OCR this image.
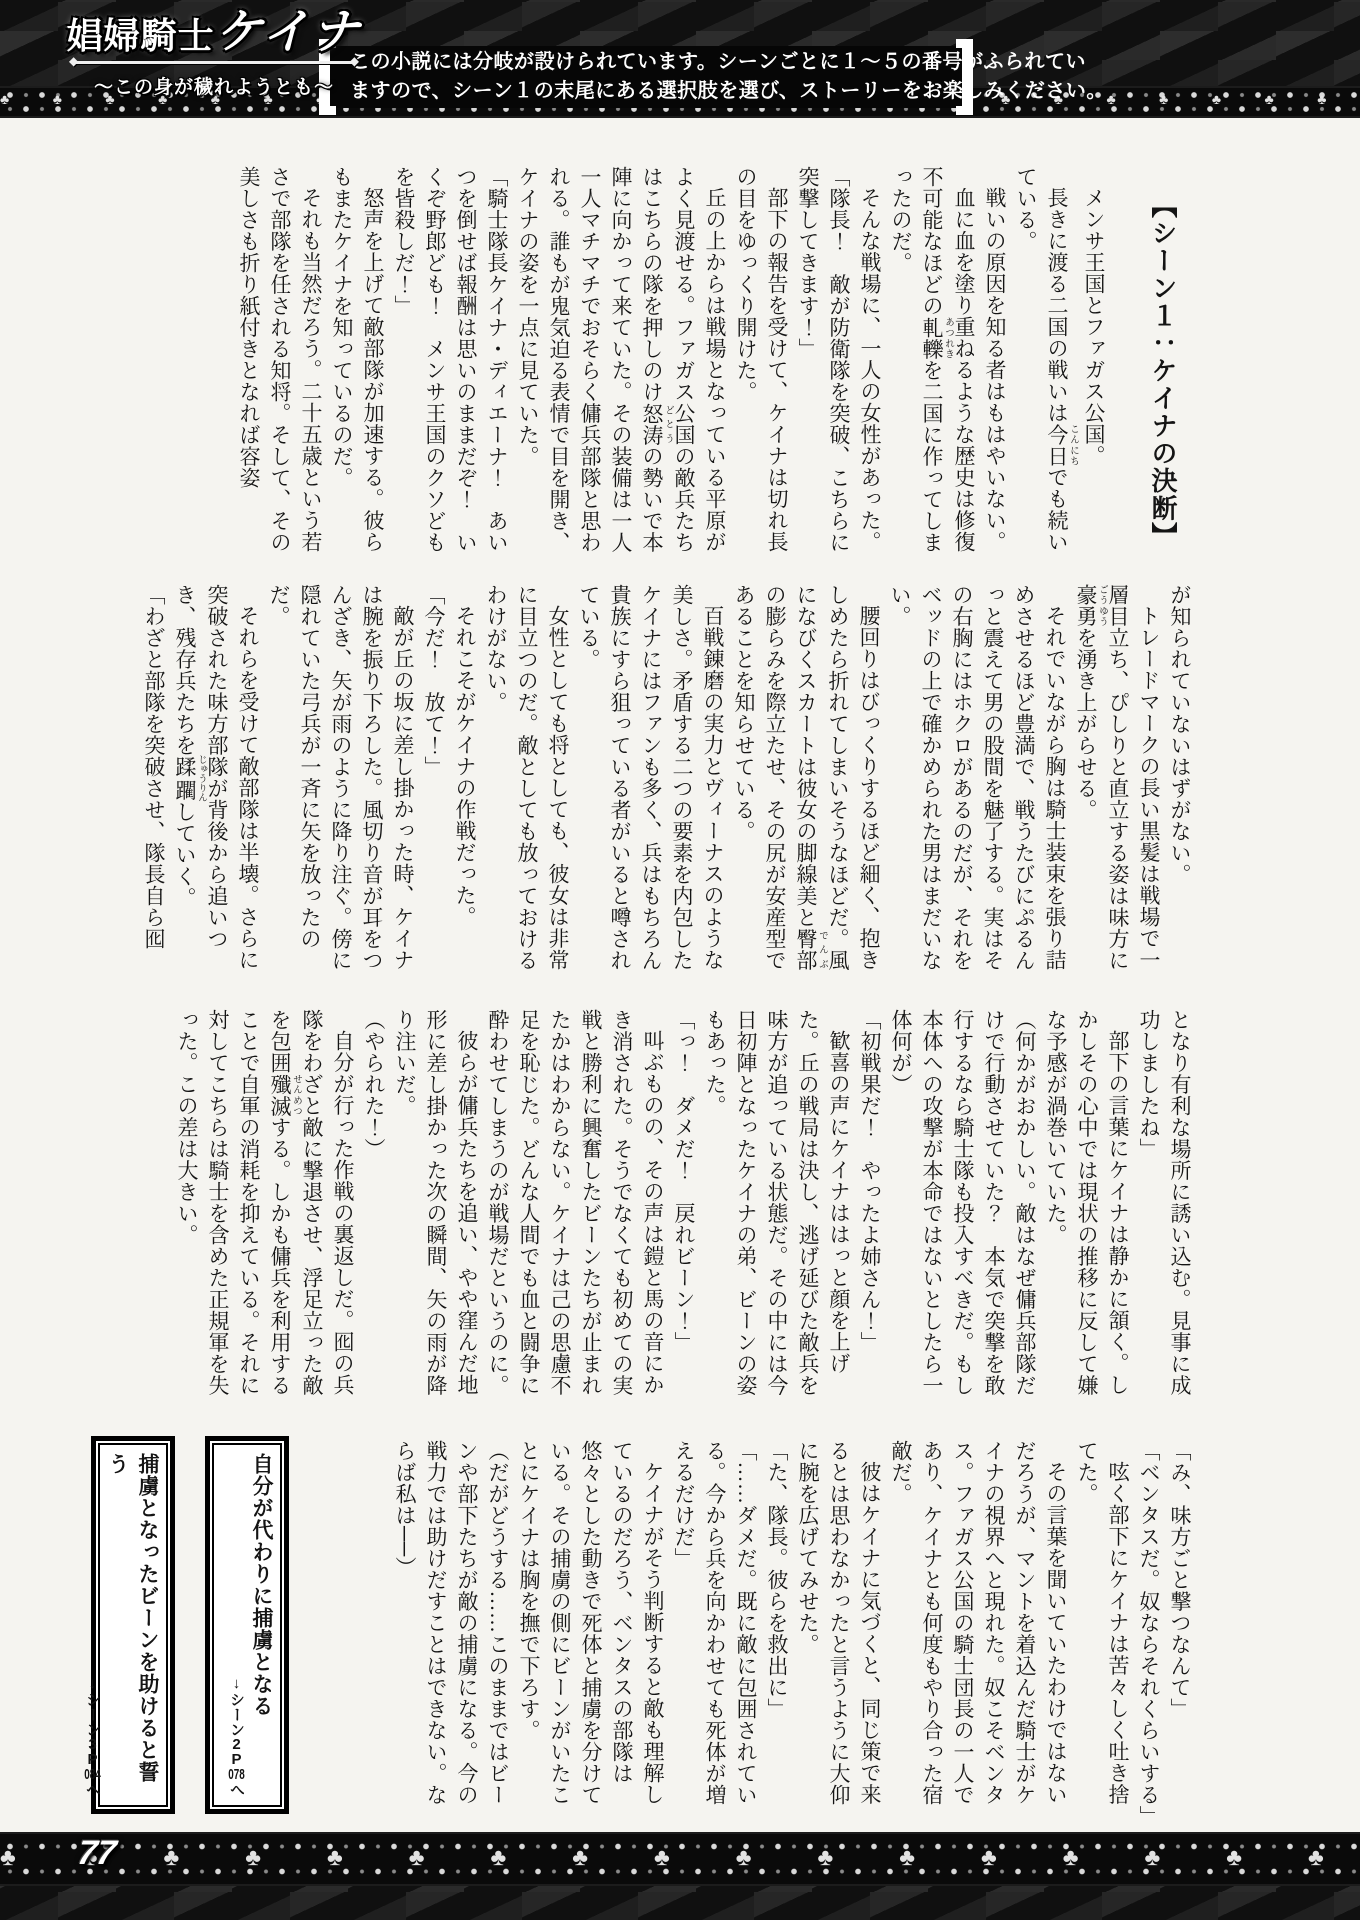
♣ ♣ ♣ ♣ ♣ ♣ ♣ ♣ ♣ ♣ ♣ ♣ ♣ ♣ ♣ ♣ ♣ ♣ ♣ ♣ ♣ ♣ ♣ ♣ ♣ ♣ ♣ ♣ ♣ ♣ ♣ ♣ ♣ ♣ ♣ ♣ ♣ ♣ ♣ ♣ ♣ ♣
娼婦騎士ケイナ
◆ ◆
～この身が穢れようとも～
この小説には分岐が設けられています。シーンごとに１～５の番号がふられてい
ますので、シーン１の末尾にある選択肢を選び、ストーリーをお楽しみください。
【シーン１：ケイナの決断】

メンサ王国とファガス公国。

長きに渡る二国の戦いは今日 こんにちでも続いている。

戦いの原因を知る者はもはやいない。

血に血を塗り重ねるような歴史は修復不可能なほどの軋轢 あつれきを二国に作ってしまったのだ。

そんな戦場に、一人の女性があった。

「隊長！　敵が防衛隊を突破、こちらに突撃してきます！」

部下の報告を受けて、ケイナは切れ長の目をゆっくり開けた。

丘の上からは戦場となっている平原がよく見渡せる。ファガス公国の敵兵たちはこちらの隊を押しのけ怒涛 どとうの勢いで本陣に向かって来ていた。その装備は一人一人マチマチでおそらく傭兵部隊と思われる。誰もが鬼気迫る表情で目を開き、ケイナの姿を一点に見ていた。

「騎士隊長ケイナ・ディエーナ！　あいつを倒せば報酬は思いのままだぞ！　いくぞ野郎ども！　メンサ王国のクソどもを皆殺しだ！」

怒声を上げて敵部隊が加速する。彼らもまたケイナを知っているのだ。

それも当然だろう。二十五歳という若さで部隊を任される知将。そして、その美しさも折り紙付きとなれば容姿

が知られていないはずがない。

トレードマークの長い黒髪は戦場で一層目立ち、ぴしりと直立する姿は味方に豪勇 ごうゆうを湧き上がらせる。

それでいながら胸は騎士装束を張り詰めさせるほど豊満で、戦うたびにぷるんっと震えて男の股間を魅了する。実はその右胸にはホクロがあるのだが、それをベッドの上で確かめられた男はまだいない。

腰回りはびっくりするほど細く、抱きしめたら折れてしまいそうなほどだ。風になびくスカートは彼女の脚線美と臀部 でんぶの膨らみを際立たせ、その尻が安産型であることを知らせている。

百戦錬磨の実力とヴィーナスのような美しさ。矛盾する二つの要素を内包したケイナにはファンも多く、兵はもちろん貴族にすら狙っている者がいると噂されている。

女性としても将としても、彼女は非常に目立つのだ。敵としても放っておけるわけがない。

それこそがケイナの作戦だった。

「今だ！　放て！」

敵が丘の坂に差し掛かった時、ケイナは腕を振り下ろした。風切り音が耳をつんざき、矢が雨のように降り注ぐ。傍に隠れていた弓兵が一斉に矢を放ったのだ。

それらを受けて敵部隊は半壊。さらに突破された味方部隊が背後から追いつき、残存兵たちを蹂躙 じゅうりんしていく。

「わざと部隊を突破させ、隊長自ら囮

となり有利な場所に誘い込む。見事に成功しましたね」

部下の言葉にケイナは静かに頷く。しかしその心中では現状の推移に反して嫌な予感が渦巻いていた。

（何かがおかしい。敵はなぜ傭兵部隊だけで行動させていた？　本気で突撃を敢行するなら騎士隊も投入すべきだ。もし本体への攻撃が本命ではないとしたら一体何が）

「初戦果だ！　やったよ姉さん！」

歓喜の声にケイナははっと顔を上げた。丘の戦局は決し、逃げ延びた敵兵を味方が追っている状態だ。その中には今日初陣となったケイナの弟、ビーンの姿もあった。

「っ！　ダメだ！　戻れビーン！」

叫ぶものの、その声は鎧と馬の音にかき消された。そうでなくても初めての実戦と勝利に興奮したビーンたちが止まれたかはわからない。ケイナは己の思慮不足を恥じた。どんな人間でも血と闘争に酔わせてしまうのが戦場だというのに。

彼らが傭兵たちを追い、やや窪んだ地形に差し掛かった次の瞬間、矢の雨が降り注いだ。

（やられた！）

自分が行った作戦の裏返しだ。囮の兵隊をわざと敵に撃退させ、浮足立った敵を包囲殲滅 せんめつする。しかも傭兵を利用することで自軍の消耗を抑えている。それに対してこちらは騎士を含めた正規軍を失った。この差は大きい。

自分が代わりに捕虜となる

↓シーン2P078へ

捕虜となったビーンを助けると誓う

↓シーン3P084へ

「み、味方ごと撃つなんて」

「ベンタスだ。奴ならそれくらいする」

呟く部下にケイナは苦々しく吐き捨てた。

その言葉を聞いていたわけではないだろうが、マントを着込んだ騎士がケイナの視界へと現れた。奴こそベンタス。ファガス公国の騎士団長の一人であり、ケイナとも何度もやり合った宿敵だ。

彼はケイナに気づくと、同じ策で来るとは思わなかったと言うように大仰に腕を広げてみせた。

「た、隊長。彼らを救出に」

「……ダメだ。既に敵に包囲されている。今から兵を向かわせても死体が増えるだけだ」

ケイナがそう判断すると敵も理解しているのだろう、ベンタスの部隊は悠々とした動きで死体と捕虜を分けている。その捕虜の側にビーンがいたことにケイナは胸を撫で下ろす。

（だがどうする……このままではビーンや部下たちが敵の捕虜になる。今の戦力では助けだすことはできない。ならば私は──）

♣ ♣ ♣ ♣ ♣ ♣ ♣ ♣ ♣ ♣ ♣ ♣ ♣ ♣ ♣ ♣ ♣ ♣ ♣ ♣ ♣ ♣ ♣ ♣ ♣ ♣ ♣ ♣ ♣ ♣ ♣ ♣ ♣ ♣ ♣ ♣ ♣ ♣ ♣ ♣ ♣ ♣
77
